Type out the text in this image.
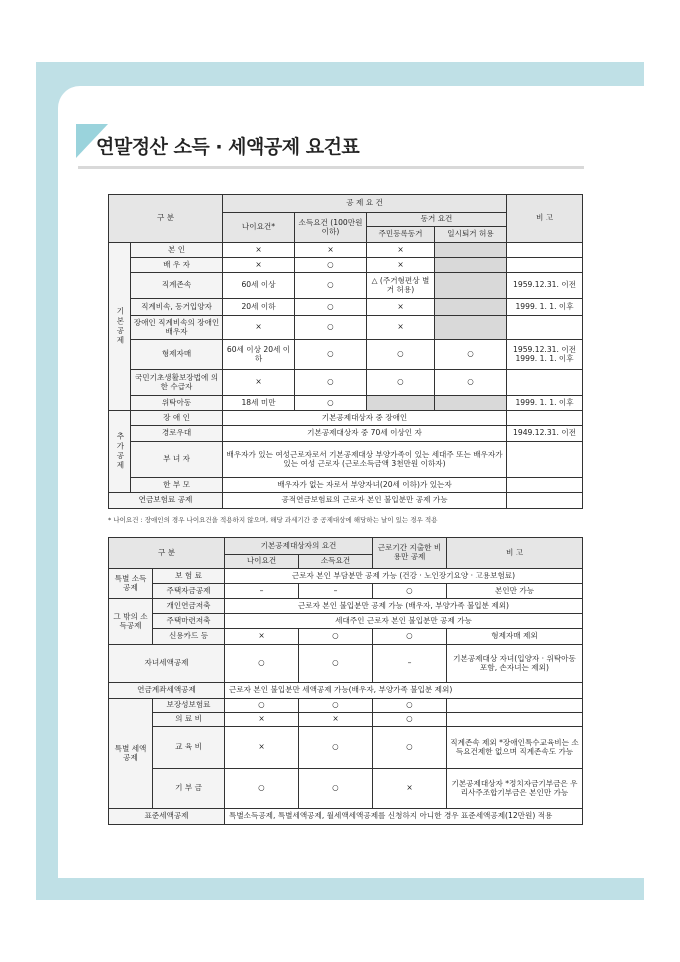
연말정산 소득 · 세액공제 요건표
구 분		공 제 요 건				비 고
		나이요건*	소득요건 (100만원 이하)	동거 요건		
				주민등록동거	일시퇴거 허용	
기본공제	본 인	×	×	×		
	배 우 자	×	○	×		
	직계존속	60세 이상	○	△ (주거형편상 별거 허용)		1959.12.31. 이전
	직계비속, 동거입양자	20세 이하	○	×		1999. 1. 1. 이후
	장애인 직계비속의 장애인 배우자	×	○	×		
	형제자매	60세 이상 20세 이하	○	○	○	1959.12.31. 이전 1999. 1. 1. 이후
	국민기초생활보장법에 의한 수급자	×	○	○	○	
	위탁아동	18세 미만	○			1999. 1. 1. 이후
추가공제	장 애 인	기본공제대상자 중 장애인				
	경로우대	기본공제대상자 중 70세 이상인 자				1949.12.31. 이전
	부 녀 자	배우자가 있는 여성근로자로서 기본공제대상 부양가족이 있는 세대주 또는 배우자가 있는 여성 근로자 (근로소득금액 3천만원 이하자)				
	한 부 모	배우자가 없는 자로서 부양자녀(20세 이하)가 있는자				
연금보험료 공제		공적연금보험료의 근로자 본인 불입분만 공제 가능				
* 나이요건 : 장애인의 경우 나이요건을 적용하지 않으며, 해당 과세기간 중 공제대상에 해당하는 날이 있는 경우 적용
구 분		기본공제대상자의 요건		근로기간 지출한 비용만 공제	비 고
		나이요건	소득요건		
특별 소득공제	보 험 료	근로자 본인 부담분만 공제 가능 (건강 · 노인장기요양 · 고용보험료)			
	주택자금공제	–	–	○	본인만 가능
그 밖의 소득공제	개인연금저축	근로자 본인 불입분만 공제 가능 (배우자, 부양가족 불입분 제외)			
	주택마련저축	세대주인 근로자 본인 불입분만 공제 가능			
	신용카드 등	×	○	○	형제자매 제외
자녀세액공제		○	○	–	기본공제대상 자녀(입양자 · 위탁아동 포함, 손자녀는 제외)
연금계좌세액공제		근로자 본인 불입분만 세액공제 가능(배우자, 부양가족 불입분 제외)			
특별 세액공제	보장성보험료	○	○	○	
	의 료 비	×	×	○	
	교 육 비	×	○	○	직계존속 제외 *장애인특수교육비는 소득요건제한 없으며 직계존속도 가능
	기 부 금	○	○	×	기본공제대상자 *정치자금기부금은 우리사주조합기부금은 본인만 가능
표준세액공제		특별소득공제, 특별세액공제, 월세액세액공제를 신청하지 아니한 경우 표준세액공제(12만원) 적용			
